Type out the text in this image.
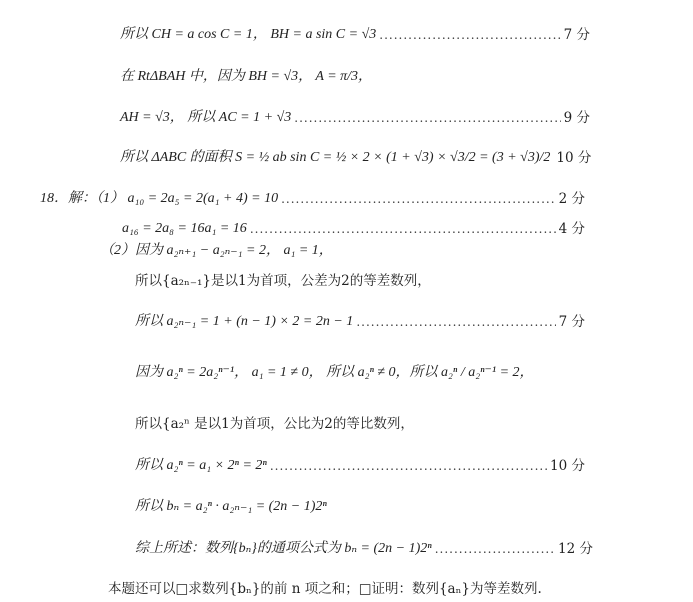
所以 CH = a cos C = 1， BH = a sin C = √3 .....	7 分
在 RtΔBAH 中，因为 BH = √3， A = π/3，
AH = √3， 所以 AC = 1 + √3 .....	9 分
所以 ΔABC 的面积 S = ½ ab sin C = ½ × 2 × (1 + √3) × √3/2 = (3 + √3)/2 10 分
18．解：（1） a₁₀ = 2a₅ = 2(a₁ + 4) = 10 .....	2 分
a₁₆ = 2a₈ = 16a₁ = 16 .....	4 分
（2）因为 a₂ₙ₊₁ − a₂ₙ₋₁ = 2， a₁ = 1，
所以{a₂ₙ₋₁}是以1为首项，公差为2的等差数列，
所以 a₂ₙ₋₁ = 1 + (n − 1) × 2 = 2n − 1 .....	7 分
因为 a₂ⁿ = 2a₂ⁿ⁻¹， a₁ = 1 ≠ 0， 所以 a₂ⁿ ≠ 0，所以 a₂ⁿ / a₂ⁿ⁻¹ = 2，
所以{a₂ⁿ 是以1为首项，公比为2的等比数列，
所以 a₂ⁿ = a₁ × 2ⁿ = 2ⁿ .....	10 分
所以 bₙ = a₂ⁿ · a₂ₙ₋₁ = (2n − 1)2ⁿ
综上所述：数列{bₙ}的通项公式为 bₙ = (2n − 1)2ⁿ .....	12 分
本题还可以□求数列{bₙ}的前 n 项之和；□证明：数列{aₙ}为等差数列.
